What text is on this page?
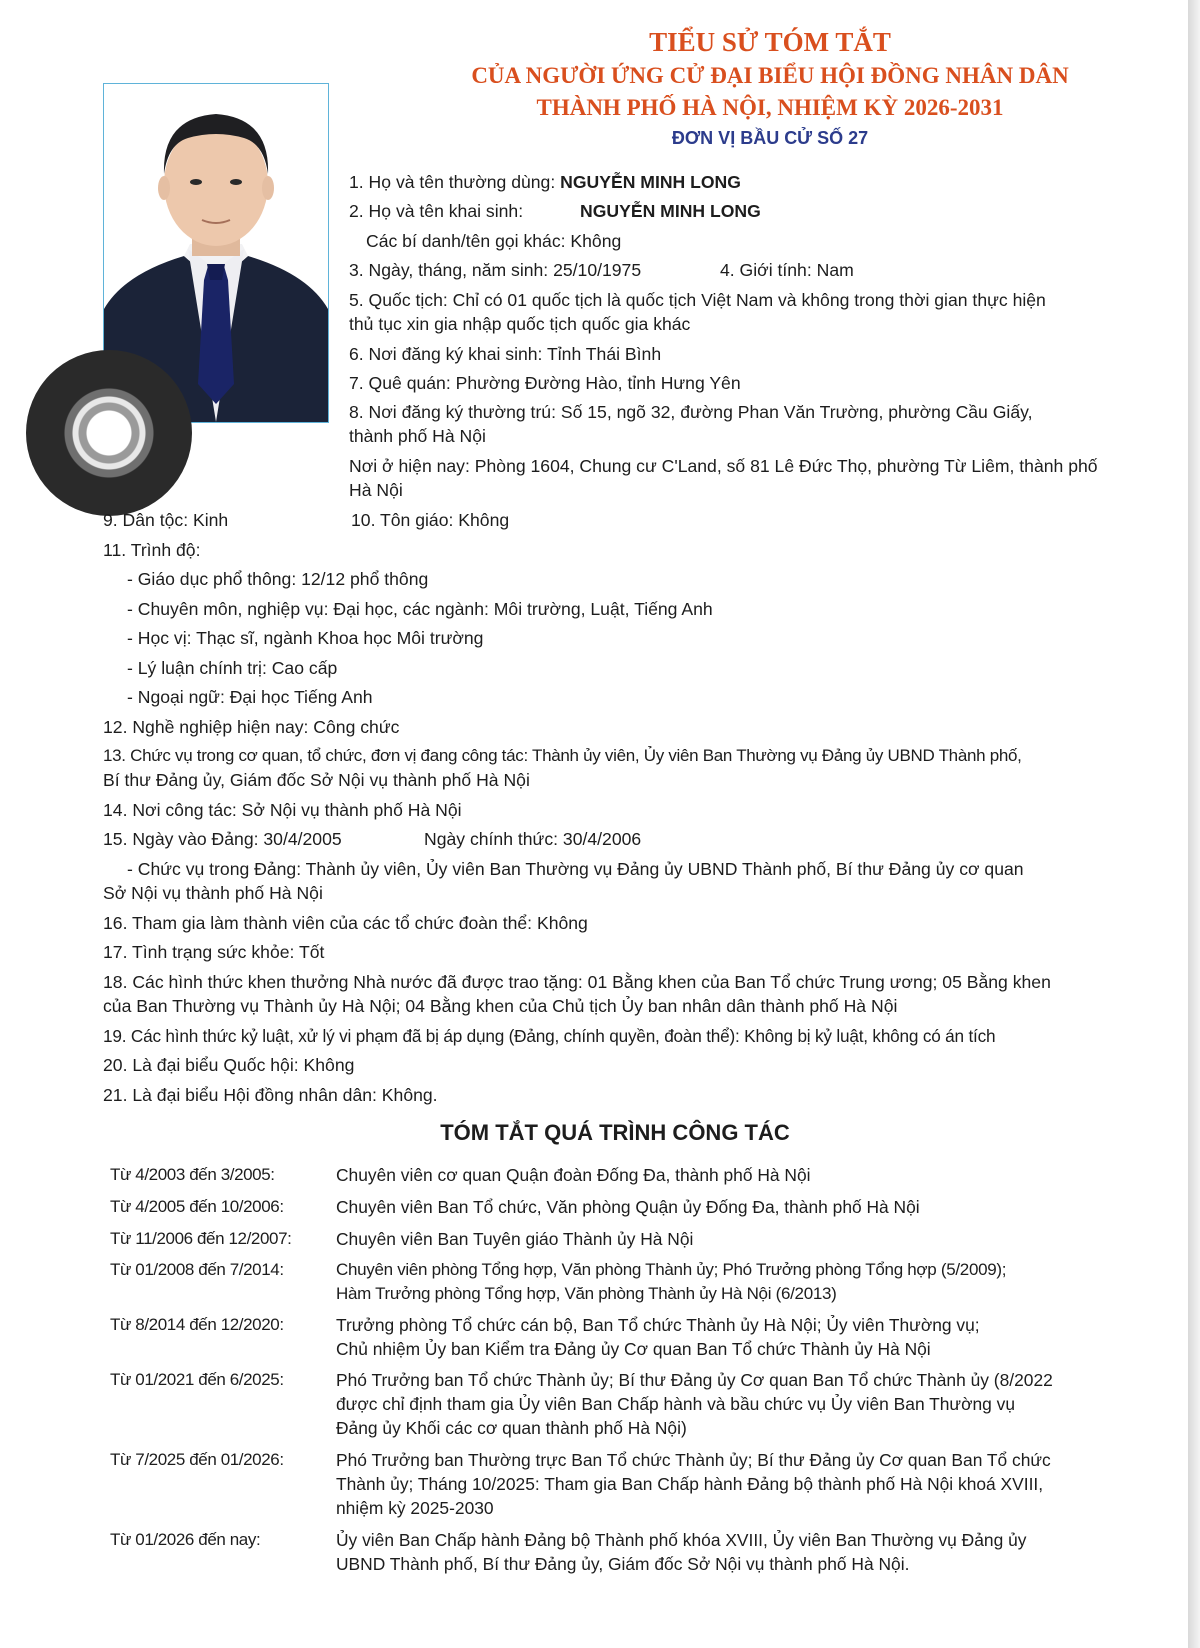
TIỂU SỬ TÓM TẮT
CỦA NGƯỜI ỨNG CỬ ĐẠI BIỂU HỘI ĐỒNG NHÂN DÂN
THÀNH PHỐ HÀ NỘI, NHIỆM KỲ 2026-2031
ĐƠN VỊ BẦU CỬ SỐ 27
1. Họ và tên thường dùng: NGUYỄN MINH LONG
2. Họ và tên khai sinh:	NGUYỄN MINH LONG
Các bí danh/tên gọi khác: Không
3. Ngày, tháng, năm sinh: 25/10/1975	4. Giới tính: Nam
5. Quốc tịch: Chỉ có 01 quốc tịch là quốc tịch Việt Nam và không trong thời gian thực hiện
thủ tục xin gia nhập quốc tịch quốc gia khác
6. Nơi đăng ký khai sinh: Tỉnh Thái Bình
7. Quê quán: Phường Đường Hào, tỉnh Hưng Yên
8. Nơi đăng ký thường trú: Số 15, ngõ 32, đường Phan Văn Trường, phường Cầu Giấy,
thành phố Hà Nội
Nơi ở hiện nay: Phòng 1604, Chung cư C'Land, số 81 Lê Đức Thọ, phường Từ Liêm, thành phố
Hà Nội
9. Dân tộc: Kinh	10. Tôn giáo: Không
11. Trình độ:
- Giáo dục phổ thông: 12/12 phổ thông
- Chuyên môn, nghiệp vụ: Đại học, các ngành: Môi trường, Luật, Tiếng Anh
- Học vị: Thạc sĩ, ngành Khoa học Môi trường
- Lý luận chính trị: Cao cấp
- Ngoại ngữ: Đại học Tiếng Anh
12. Nghề nghiệp hiện nay: Công chức
13. Chức vụ trong cơ quan, tổ chức, đơn vị đang công tác: Thành ủy viên, Ủy viên Ban Thường vụ Đảng ủy UBND Thành phố,
Bí thư Đảng ủy, Giám đốc Sở Nội vụ thành phố Hà Nội
14. Nơi công tác: Sở Nội vụ thành phố Hà Nội
15. Ngày vào Đảng: 30/4/2005	Ngày chính thức: 30/4/2006
- Chức vụ trong Đảng: Thành ủy viên, Ủy viên Ban Thường vụ Đảng ủy UBND Thành phố, Bí thư Đảng ủy cơ quan
Sở Nội vụ thành phố Hà Nội
16. Tham gia làm thành viên của các tổ chức đoàn thể: Không
17. Tình trạng sức khỏe: Tốt
18. Các hình thức khen thưởng Nhà nước đã được trao tặng: 01 Bằng khen của Ban Tổ chức Trung ương; 05 Bằng khen
của Ban Thường vụ Thành ủy Hà Nội; 04 Bằng khen của Chủ tịch Ủy ban nhân dân thành phố Hà Nội
19. Các hình thức kỷ luật, xử lý vi phạm đã bị áp dụng (Đảng, chính quyền, đoàn thể): Không bị kỷ luật, không có án tích
20. Là đại biểu Quốc hội: Không
21. Là đại biểu Hội đồng nhân dân: Không.
TÓM TẮT QUÁ TRÌNH CÔNG TÁC
Từ 4/2003 đến 3/2005:	Chuyên viên cơ quan Quận đoàn Đống Đa, thành phố Hà Nội
Từ 4/2005 đến 10/2006:	Chuyên viên Ban Tổ chức, Văn phòng Quận ủy Đống Đa, thành phố Hà Nội
Từ 11/2006 đến 12/2007:	Chuyên viên Ban Tuyên giáo Thành ủy Hà Nội
Từ 01/2008 đến 7/2014:	Chuyên viên phòng Tổng hợp, Văn phòng Thành ủy; Phó Trưởng phòng Tổng hợp (5/2009);
Hàm Trưởng phòng Tổng hợp, Văn phòng Thành ủy Hà Nội (6/2013)
Từ 8/2014 đến 12/2020:	Trưởng phòng Tổ chức cán bộ, Ban Tổ chức Thành ủy Hà Nội; Ủy viên Thường vụ;
Chủ nhiệm Ủy ban Kiểm tra Đảng ủy Cơ quan Ban Tổ chức Thành ủy Hà Nội
Từ 01/2021 đến 6/2025:	Phó Trưởng ban Tổ chức Thành ủy; Bí thư Đảng ủy Cơ quan Ban Tổ chức Thành ủy (8/2022
được chỉ định tham gia Ủy viên Ban Chấp hành và bầu chức vụ Ủy viên Ban Thường vụ
Đảng ủy Khối các cơ quan thành phố Hà Nội)
Từ 7/2025 đến 01/2026:	Phó Trưởng ban Thường trực Ban Tổ chức Thành ủy; Bí thư Đảng ủy Cơ quan Ban Tổ chức
Thành ủy; Tháng 10/2025: Tham gia Ban Chấp hành Đảng bộ thành phố Hà Nội khoá XVIII,
nhiệm kỳ 2025-2030
Từ 01/2026 đến nay:	Ủy viên Ban Chấp hành Đảng bộ Thành phố khóa XVIII, Ủy viên Ban Thường vụ Đảng ủy
UBND Thành phố, Bí thư Đảng ủy, Giám đốc Sở Nội vụ thành phố Hà Nội.
